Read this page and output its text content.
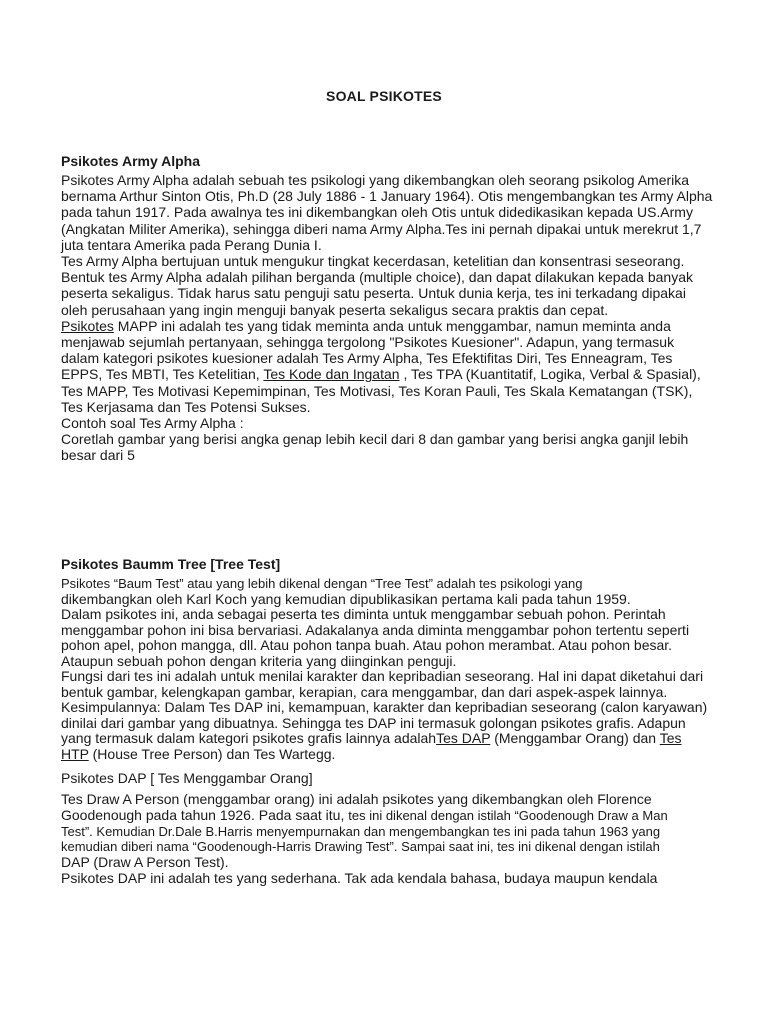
SOAL PSIKOTES
Psikotes Army Alpha

Psikotes Army Alpha adalah sebuah tes psikologi yang dikembangkan oleh seorang psikolog Amerika

bernama Arthur Sinton Otis, Ph.D (28 July 1886 - 1 January 1964). Otis mengembangkan tes Army Alpha

pada tahun 1917. Pada awalnya tes ini dikembangkan oleh Otis untuk didedikasikan kepada US.Army

(Angkatan Militer Amerika), sehingga diberi nama Army Alpha.Tes ini pernah dipakai untuk merekrut 1,7

juta tentara Amerika pada Perang Dunia I.

Tes Army Alpha bertujuan untuk mengukur tingkat kecerdasan, ketelitian dan konsentrasi seseorang.

Bentuk tes Army Alpha adalah pilihan berganda (multiple choice), dan dapat dilakukan kepada banyak

peserta sekaligus. Tidak harus satu penguji satu peserta. Untuk dunia kerja, tes ini terkadang dipakai

oleh perusahaan yang ingin menguji banyak peserta sekaligus secara praktis dan cepat.

Psikotes MAPP ini adalah tes yang tidak meminta anda untuk menggambar, namun meminta anda

menjawab sejumlah pertanyaan, sehingga tergolong "Psikotes Kuesioner". Adapun, yang termasuk

dalam kategori psikotes kuesioner adalah Tes Army Alpha, Tes Efektifitas Diri, Tes Enneagram, Tes

EPPS, Tes MBTI, Tes Ketelitian, Tes Kode dan Ingatan , Tes TPA (Kuantitatif, Logika, Verbal & Spasial),

Tes MAPP, Tes Motivasi Kepemimpinan, Tes Motivasi, Tes Koran Pauli, Tes Skala Kematangan (TSK),

Tes Kerjasama dan Tes Potensi Sukses.

Contoh soal Tes Army Alpha :

Coretlah gambar yang berisi angka genap lebih kecil dari 8 dan gambar yang berisi angka ganjil lebih

besar dari 5

Psikotes Baumm Tree [Tree Test]

Psikotes “Baum Test” atau yang lebih dikenal dengan “Tree Test” adalah tes psikologi yang

dikembangkan oleh Karl Koch yang kemudian dipublikasikan pertama kali pada tahun 1959.

Dalam psikotes ini, anda sebagai peserta tes diminta untuk menggambar sebuah pohon. Perintah

menggambar pohon ini bisa bervariasi. Adakalanya anda diminta menggambar pohon tertentu seperti

pohon apel, pohon mangga, dll. Atau pohon tanpa buah. Atau pohon merambat. Atau pohon besar.

Ataupun sebuah pohon dengan kriteria yang diinginkan penguji.

Fungsi dari tes ini adalah untuk menilai karakter dan kepribadian seseorang. Hal ini dapat diketahui dari

bentuk gambar, kelengkapan gambar, kerapian, cara menggambar, dan dari aspek-aspek lainnya.

Kesimpulannya: Dalam Tes DAP ini, kemampuan, karakter dan kepribadian seseorang (calon karyawan)

dinilai dari gambar yang dibuatnya. Sehingga tes DAP ini termasuk golongan psikotes grafis. Adapun

yang termasuk dalam kategori psikotes grafis lainnya adalahTes DAP (Menggambar Orang) dan Tes

HTP (House Tree Person) dan Tes Wartegg.

Psikotes DAP [ Tes Menggambar Orang]

Tes Draw A Person (menggambar orang) ini adalah psikotes yang dikembangkan oleh Florence

Goodenough pada tahun 1926. Pada saat itu, tes ini dikenal dengan istilah “Goodenough Draw a Man

Test”. Kemudian Dr.Dale B.Harris menyempurnakan dan mengembangkan tes ini pada tahun 1963 yang

kemudian diberi nama “Goodenough-Harris Drawing Test”. Sampai saat ini, tes ini dikenal dengan istilah

DAP (Draw A Person Test).

Psikotes DAP ini adalah tes yang sederhana. Tak ada kendala bahasa, budaya maupun kendala
